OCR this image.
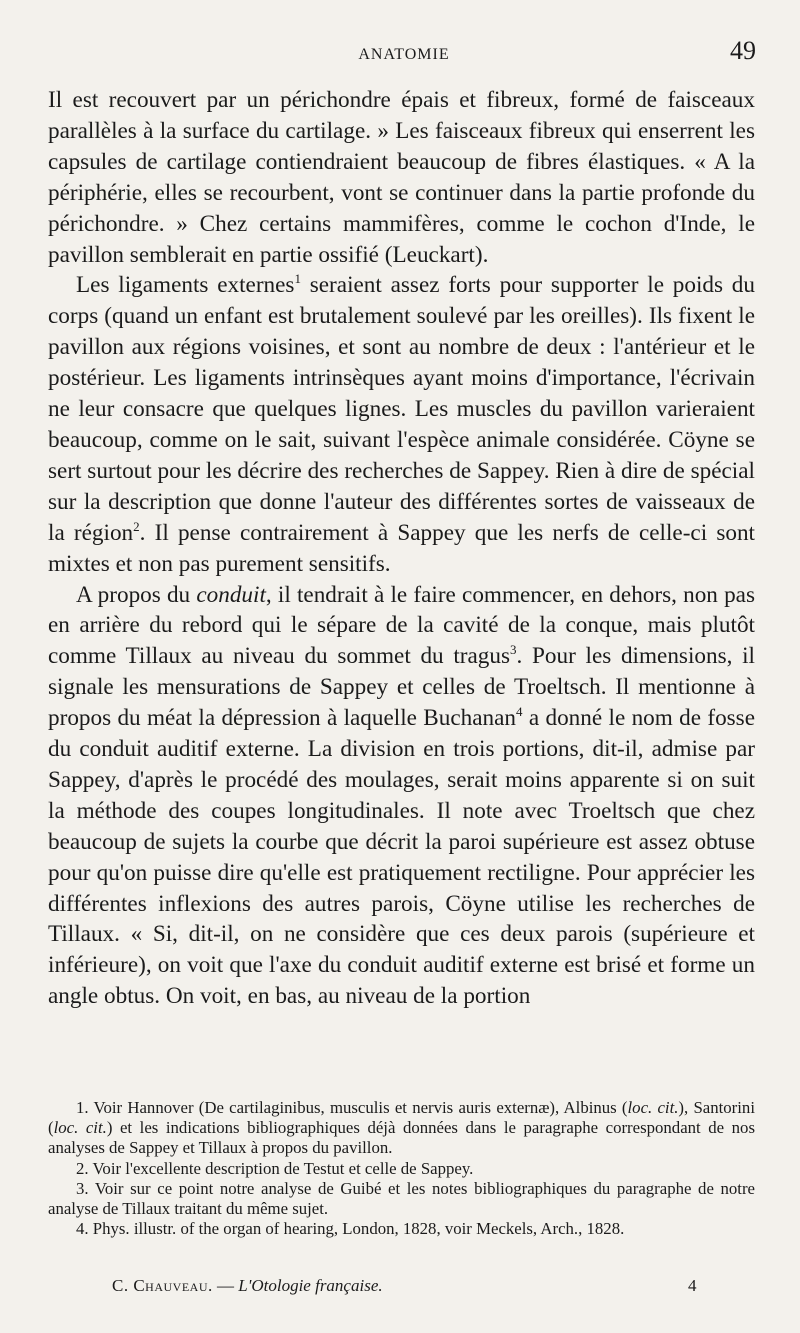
ANATOMIE	49

Il est recouvert par un périchondre épais et fibreux, formé de faisceaux parallèles à la surface du cartilage. » Les faisceaux fibreux qui enserrent les capsules de cartilage contiendraient beaucoup de fibres élastiques. « A la périphérie, elles se recourbent, vont se continuer dans la partie profonde du périchondre. » Chez certains mammifères, comme le cochon d'Inde, le pavillon semblerait en partie ossifié (Leuckart).

Les ligaments externes$^1$ seraient assez forts pour supporter le poids du corps (quand un enfant est brutalement soulevé par les oreilles). Ils fixent le pavillon aux régions voisines, et sont au nombre de deux : l'antérieur et le postérieur. Les ligaments intrinsèques ayant moins d'importance, l'écrivain ne leur consacre que quelques lignes. Les muscles du pavillon varieraient beaucoup, comme on le sait, suivant l'espèce animale considérée. Cöyne se sert surtout pour les décrire des recherches de Sappey. Rien à dire de spécial sur la description que donne l'auteur des différentes sortes de vaisseaux de la région$^2$. Il pense contrairement à Sappey que les nerfs de celle-ci sont mixtes et non pas purement sensitifs.

A propos du conduit, il tendrait à le faire commencer, en dehors, non pas en arrière du rebord qui le sépare de la cavité de la conque, mais plutôt comme Tillaux au niveau du sommet du tragus$^3$. Pour les dimensions, il signale les mensurations de Sappey et celles de Troeltsch. Il mentionne à propos du méat la dépression à laquelle Buchanan$^4$ a donné le nom de fosse du conduit auditif externe. La division en trois portions, dit-il, admise par Sappey, d'après le procédé des moulages, serait moins apparente si on suit la méthode des coupes longitudinales. Il note avec Troeltsch que chez beaucoup de sujets la courbe que décrit la paroi supérieure est assez obtuse pour qu'on puisse dire qu'elle est pratiquement rectiligne. Pour apprécier les différentes inflexions des autres parois, Cöyne utilise les recherches de Tillaux. « Si, dit-il, on ne considère que ces deux parois (supérieure et inférieure), on voit que l'axe du conduit auditif externe est brisé et forme un angle obtus. On voit, en bas, au niveau de la portion

1. Voir Hannover (De cartilaginibus, musculis et nervis auris externæ), Albinus (loc. cit.), Santorini (loc. cit.) et les indications bibliographiques déjà données dans le paragraphe correspondant de nos analyses de Sappey et Tillaux à propos du pavillon.

2. Voir l'excellente description de Testut et celle de Sappey.

3. Voir sur ce point notre analyse de Guibé et les notes bibliographiques du paragraphe de notre analyse de Tillaux traitant du même sujet.

4. Phys. illustr. of the organ of hearing, London, 1828, voir Meckels, Arch., 1828.

C. Chauveau. — L'Otologie française.	4
